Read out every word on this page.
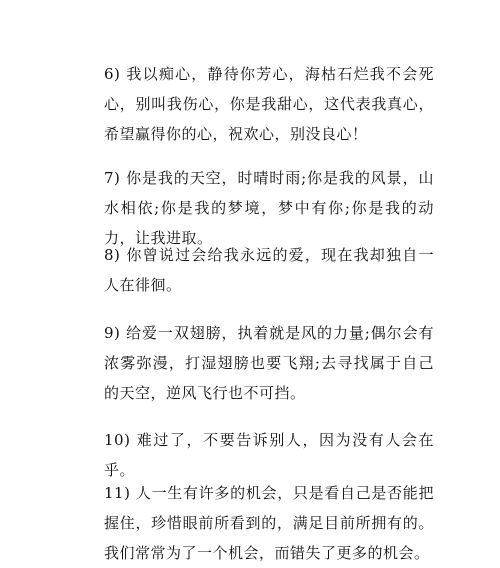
6) 我以痴心，静待你芳心，海枯石烂我不会死心，别叫我伤心，你是我甜心，这代表我真心，希望赢得你的心，祝欢心，别没良心！

7) 你是我的天空，时晴时雨;你是我的风景，山水相依;你是我的梦境，梦中有你;你是我的动力，让我进取。

8) 你曾说过会给我永远的爱，现在我却独自一人在徘徊。

9) 给爱一双翅膀，执着就是风的力量;偶尔会有浓雾弥漫，打湿翅膀也要飞翔;去寻找属于自己的天空，逆风飞行也不可挡。

10) 难过了，不要告诉别人，因为没有人会在乎。

11) 人一生有许多的机会，只是看自己是否能把握住，珍惜眼前所看到的，满足目前所拥有的。我们常常为了一个机会，而错失了更多的机会。
